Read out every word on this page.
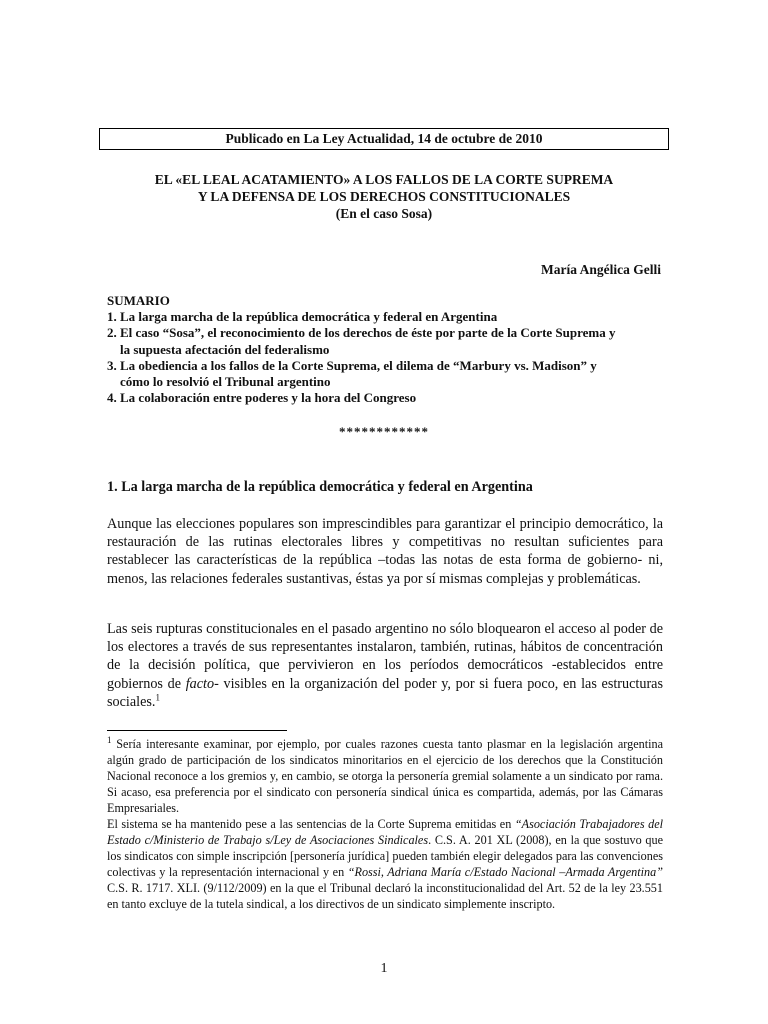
Publicado en La Ley Actualidad, 14 de octubre de 2010
EL «EL LEAL ACATAMIENTO» A LOS FALLOS DE LA CORTE SUPREMA
Y LA DEFENSA DE LOS DERECHOS CONSTITUCIONALES
(En el caso Sosa)
María Angélica Gelli
SUMARIO
1. La larga marcha de la república democrática y federal en Argentina
2. El caso “Sosa”, el reconocimiento de los derechos de éste por parte de la Corte Suprema y
la supuesta afectación del federalismo
3. La obediencia a los fallos de la Corte Suprema, el dilema de “Marbury vs. Madison” y
cómo lo resolvió el Tribunal argentino
4. La colaboración entre poderes y la hora del Congreso
************
1. La larga marcha de la república democrática y federal en Argentina
Aunque las elecciones populares son imprescindibles para garantizar el principio democrático, la restauración de las rutinas electorales libres y competitivas no resultan suficientes para restablecer las características de la república –todas las notas de esta forma de gobierno- ni, menos, las relaciones federales sustantivas, éstas ya por sí mismas complejas y problemáticas.
Las seis rupturas constitucionales en el pasado argentino no sólo bloquearon el acceso al poder de los electores a través de sus representantes instalaron, también, rutinas, hábitos de concentración de la decisión política, que pervivieron en los períodos democráticos -establecidos entre gobiernos de facto- visibles en la organización del poder y, por si fuera poco, en las estructuras sociales.$^1$
$^1$ Sería interesante examinar, por ejemplo, por cuales razones cuesta tanto plasmar en la legislación argentina algún grado de participación de los sindicatos minoritarios en el ejercicio de los derechos que la Constitución Nacional reconoce a los gremios y, en cambio, se otorga la personería gremial solamente a un sindicato por rama. Si acaso, esa preferencia por el sindicato con personería sindical única es compartida, además, por las Cámaras Empresariales.
El sistema se ha mantenido pese a las sentencias de la Corte Suprema emitidas en “Asociación Trabajadores del Estado c/Ministerio de Trabajo s/Ley de Asociaciones Sindicales. C.S. A. 201 XL (2008), en la que sostuvo que los sindicatos con simple inscripción [personería jurídica] pueden también elegir delegados para las convenciones colectivas y la representación internacional y en “Rossi, Adriana María c/Estado Nacional –Armada Argentina” C.S. R. 1717. XLI. (9/112/2009) en la que el Tribunal declaró la inconstitucionalidad del Art. 52 de la ley 23.551 en tanto excluye de la tutela sindical, a los directivos de un sindicato simplemente inscripto.
1
